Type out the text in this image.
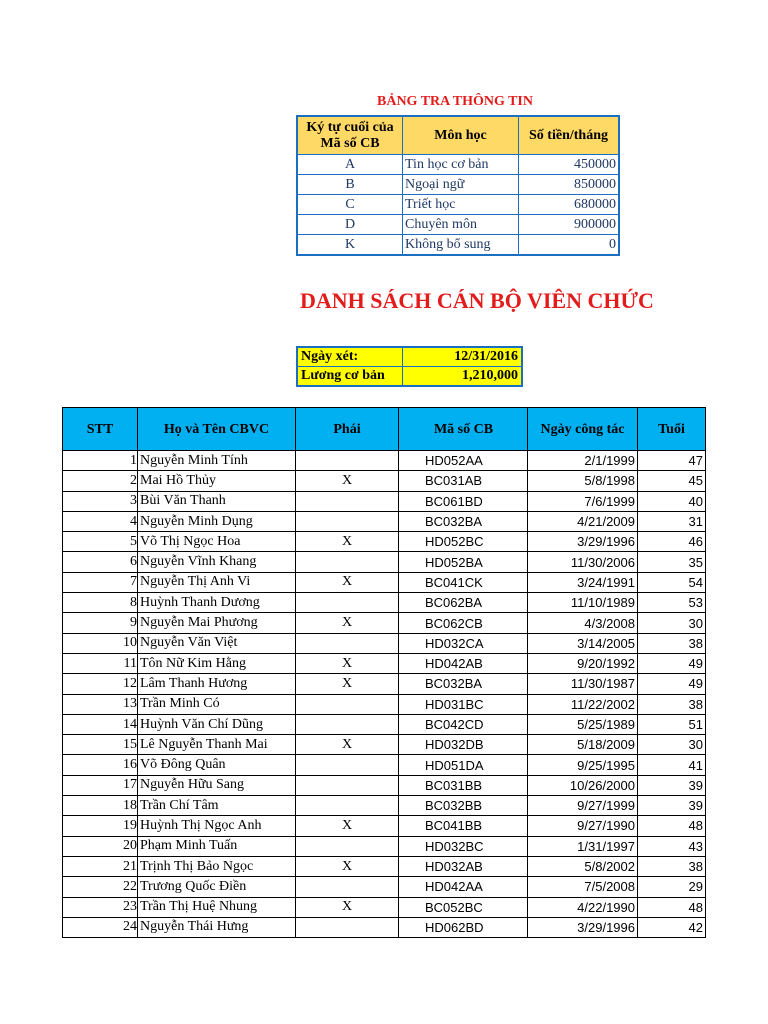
BẢNG TRA THÔNG TIN
Ký tự cuối của Mã số CB	Môn học	Số tiền/tháng
A	Tin học cơ bản	450000
B	Ngoại ngữ	850000
C	Triết học	680000
D	Chuyên môn	900000
K	Không bổ sung	0
DANH SÁCH CÁN BỘ VIÊN CHỨC
Ngày xét:	12/31/2016
Lương cơ bản	1,210,000
STT	Họ và Tên CBVC	Phái	Mã số CB	Ngày công tác	Tuổi
1	Nguyễn Minh Tính		HD052AA	2/1/1999	47
2	Mai Hồ Thủy	X	BC031AB	5/8/1998	45
3	Bùi Văn Thanh		BC061BD	7/6/1999	40
4	Nguyễn Minh Dụng		BC032BA	4/21/2009	31
5	Võ Thị Ngọc Hoa	X	HD052BC	3/29/1996	46
6	Nguyễn Vĩnh Khang		HD052BA	11/30/2006	35
7	Nguyễn Thị Anh Vi	X	BC041CK	3/24/1991	54
8	Huỳnh Thanh Dương		BC062BA	11/10/1989	53
9	Nguyễn Mai Phương	X	BC062CB	4/3/2008	30
10	Nguyễn Văn Việt		HD032CA	3/14/2005	38
11	Tôn Nữ Kim Hằng	X	HD042AB	9/20/1992	49
12	Lâm Thanh Hương	X	BC032BA	11/30/1987	49
13	Trần Minh Có		HD031BC	11/22/2002	38
14	Huỳnh Văn Chí Dũng		BC042CD	5/25/1989	51
15	Lê Nguyễn Thanh Mai	X	HD032DB	5/18/2009	30
16	Võ Đông Quân		HD051DA	9/25/1995	41
17	Nguyễn Hữu Sang		BC031BB	10/26/2000	39
18	Trần Chí Tâm		BC032BB	9/27/1999	39
19	Huỳnh Thị Ngọc Anh	X	BC041BB	9/27/1990	48
20	Phạm Minh Tuấn		HD032BC	1/31/1997	43
21	Trịnh Thị Bảo Ngọc	X	HD032AB	5/8/2002	38
22	Trương Quốc Điền		HD042AA	7/5/2008	29
23	Trần Thị Huệ Nhung	X	BC052BC	4/22/1990	48
24	Nguyễn Thái Hưng		HD062BD	3/29/1996	42
